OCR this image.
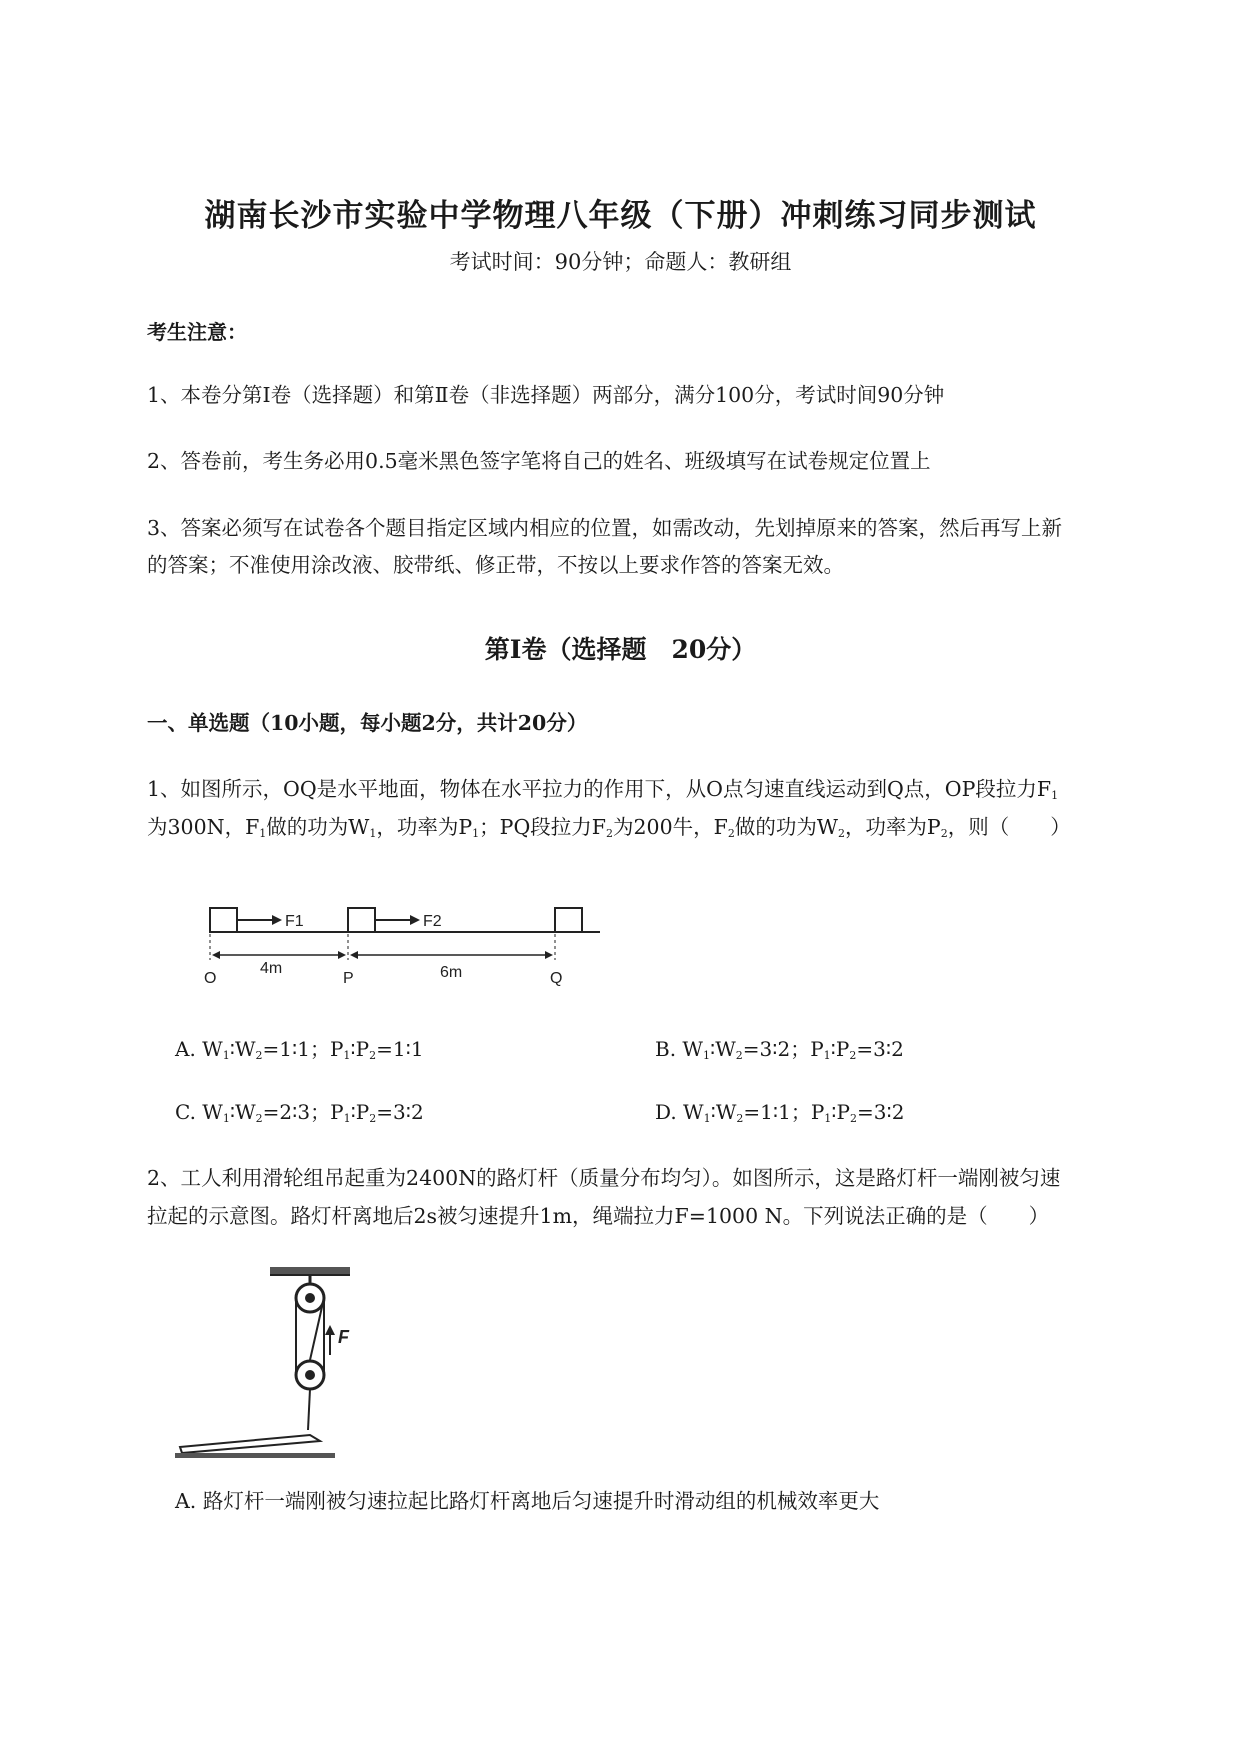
湖南长沙市实验中学物理八年级（下册）冲刺练习同步测试
考试时间：90分钟；命题人：教研组
考生注意：
1、本卷分第Ⅰ卷（选择题）和第Ⅱ卷（非选择题）两部分，满分100分，考试时间90分钟
2、答卷前，考生务必用0.5毫米黑色签字笔将自己的姓名、班级填写在试卷规定位置上
3、答案必须写在试卷各个题目指定区域内相应的位置，如需改动，先划掉原来的答案，然后再写上新
的答案；不准使用涂改液、胶带纸、修正带，不按以上要求作答的答案无效。
第Ⅰ卷（选择题　20分）
一、单选题（10小题，每小题2分，共计20分）
1、如图所示，OQ是水平地面，物体在水平拉力的作用下，从O点匀速直线运动到Q点，OP段拉力$F_1$
为300N，$F_1$做的功为$W_1$，功率为$P_1$；PQ段拉力$F_2$为200牛，$F_2$做的功为$W_2$，功率为$P_2$，则（　　）
F1	F2
4m	6m
O	P	Q
A. $W_1∶W_2=1∶1$；$P_1∶P_2=1∶1$	B. $W_1∶W_2=3∶2$；$P_1∶P_2=3∶2$
C. $W_1∶W_2=2∶3$；$P_1∶P_2=3∶2$	D. $W_1∶W_2=1∶1$；$P_1∶P_2=3∶2$
2、工人利用滑轮组吊起重为2400N的路灯杆（质量分布均匀）。如图所示，这是路灯杆一端刚被匀速
拉起的示意图。路灯杆离地后2s被匀速提升1m，绳端拉力F=1000 N。下列说法正确的是（　　）
F
A. 路灯杆一端刚被匀速拉起比路灯杆离地后匀速提升时滑动组的机械效率更大
